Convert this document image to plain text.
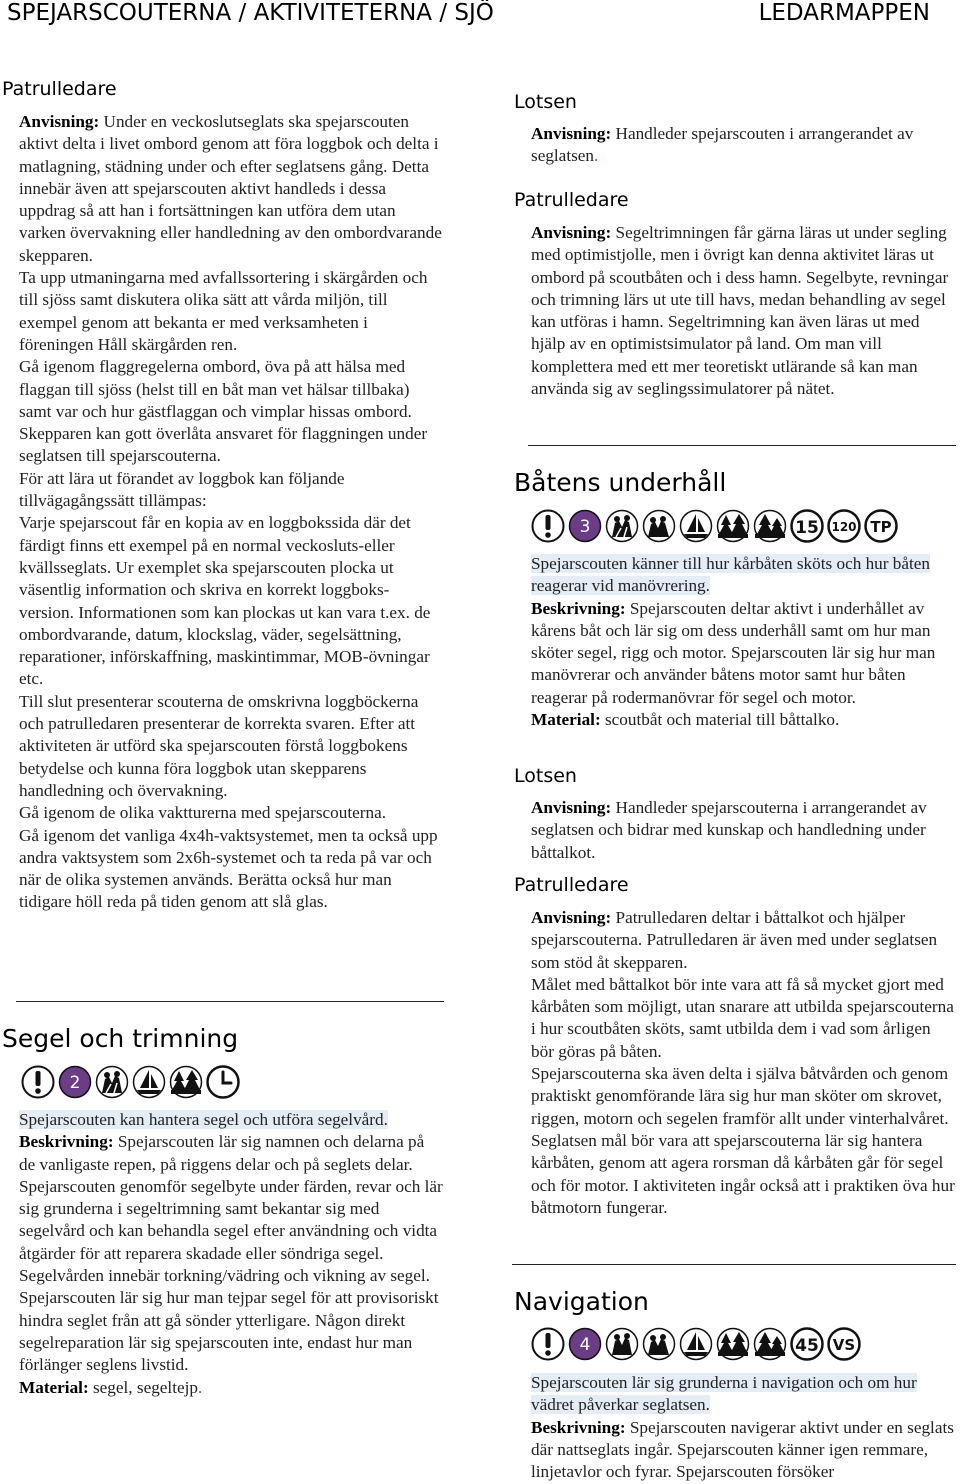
SPEJARSCOUTERNA / AKTIVITETERNA / SJÖ	LEDARMAPPEN
Patrulledare

Anvisning: Under en veckoslutseglats ska spejarscouten aktivt delta i livet ombord genom att föra loggbok och delta i matlagning, städning under och efter seglatsens gång. Detta innebär även att spejarscouten aktivt handleds i dessa uppdrag så att han i fortsättningen kan utföra dem utan varken övervakning eller handledning av den ombordvarande skepparen.

Ta upp utmaningarna med avfallssortering i skärgården och till sjöss samt diskutera olika sätt att vårda miljön, till exempel genom att bekanta er med verksamheten i föreningen Håll skärgården ren.

Gå igenom flaggregelerna ombord, öva på att hälsa med flaggan till sjöss (helst till en båt man vet hälsar tillbaka) samt var och hur gästflaggan och vimplar hissas ombord. Skepparen kan gott överlåta ansvaret för flaggningen under seglatsen till spejarscouterna.

För att lära ut förandet av loggbok kan följande tillvägagångssätt tillämpas:

Varje spejarscout får en kopia av en loggbokssida där det färdigt finns ett exempel på en normal veckosluts-eller kvällsseglats. Ur exemplet ska spejarscouten plocka ut väsentlig information och skriva en korrekt loggboks-version. Informationen som kan plockas ut kan vara t.ex. de ombordvarande, datum, klockslag, väder, segelsättning, reparationer, införskaffning, maskintimmar, MOB-övningar etc.

Till slut presenterar scouterna de omskrivna loggböckerna och patrulledaren presenterar de korrekta svaren. Efter att aktiviteten är utförd ska spejarscouten förstå loggbokens betydelse och kunna föra loggbok utan skepparens handledning och övervakning.

Gå igenom de olika vaktturerna med spejarscouterna.

Gå igenom det vanliga 4x4h-vaktsystemet, men ta också upp andra vaktsystem som 2x6h-systemet och ta reda på var och när de olika systemen används. Berätta också hur man tidigare höll reda på tiden genom att slå glas.

Segel och trimning
2

Spejarscouten kan hantera segel och utföra segelvård.

Beskrivning: Spejarscouten lär sig namnen och delarna på de vanligaste repen, på riggens delar och på seglets delar. Spejarscouten genomför segelbyte under färden, revar och lär sig grunderna i segeltrimning samt bekantar sig med segelvård och kan behandla segel efter användning och vidta åtgärder för att reparera skadade eller söndriga segel. Segelvården innebär torkning/vädring och vikning av segel. Spejarscouten lär sig hur man tejpar segel för att provisoriskt hindra seglet från att gå sönder ytterligare. Någon direkt segelreparation lär sig spejarscouten inte, endast hur man förlänger seglens livstid.

Material: segel, segeltejp.

Lotsen

Anvisning: Handleder spejarscouten i arrangerandet av seglatsen.

Patrulledare

Anvisning: Segeltrimningen får gärna läras ut under segling med optimistjolle, men i övrigt kan denna aktivitet läras ut ombord på scoutbåten och i dess hamn. Segelbyte, revningar och trimning lärs ut ute till havs, medan behandling av segel kan utföras i hamn. Segeltrimning kan även läras ut med hjälp av en optimistsimulator på land. Om man vill komplettera med ett mer teoretiskt utlärande så kan man använda sig av seglingssimulatorer på nätet.

Båtens underhåll
3	15 120 TP

Spejarscouten känner till hur kårbåten sköts och hur båten reagerar vid manövrering.

Beskrivning: Spejarscouten deltar aktivt i underhållet av kårens båt och lär sig om dess underhåll samt om hur man sköter segel, rigg och motor. Spejarscouten lär sig hur man manövrerar och använder båtens motor samt hur båten reagerar på rodermanövrar för segel och motor.

Material: scoutbåt och material till båttalko.

Lotsen

Anvisning: Handleder spejarscouterna i arrangerandet av seglatsen och bidrar med kunskap och handledning under båttalkot.

Patrulledare

Anvisning: Patrulledaren deltar i båttalkot och hjälper spejarscouterna. Patrulledaren är även med under seglatsen som stöd åt skepparen.

Målet med båttalkot bör inte vara att få så mycket gjort med kårbåten som möjligt, utan snarare att utbilda spejarscouterna i hur scoutbåten sköts, samt utbilda dem i vad som årligen bör göras på båten.

Spejarscouterna ska även delta i själva båtvården och genom praktiskt genomförande lära sig hur man sköter om skrovet, riggen, motorn och segelen framför allt under vinterhalvåret.

Seglatsen mål bör vara att spejarscouterna lär sig hantera kårbåten, genom att agera rorsman då kårbåten går för segel och för motor. I aktiviteten ingår också att i praktiken öva hur båtmotorn fungerar.

Navigation
4	45 VS

Spejarscouten lär sig grunderna i navigation och om hur vädret påverkar seglatsen.

Beskrivning: Spejarscouten navigerar aktivt under en seglats där nattseglats ingår. Spejarscouten känner igen remmare, linjetavlor och fyrar. Spejarscouten försöker
